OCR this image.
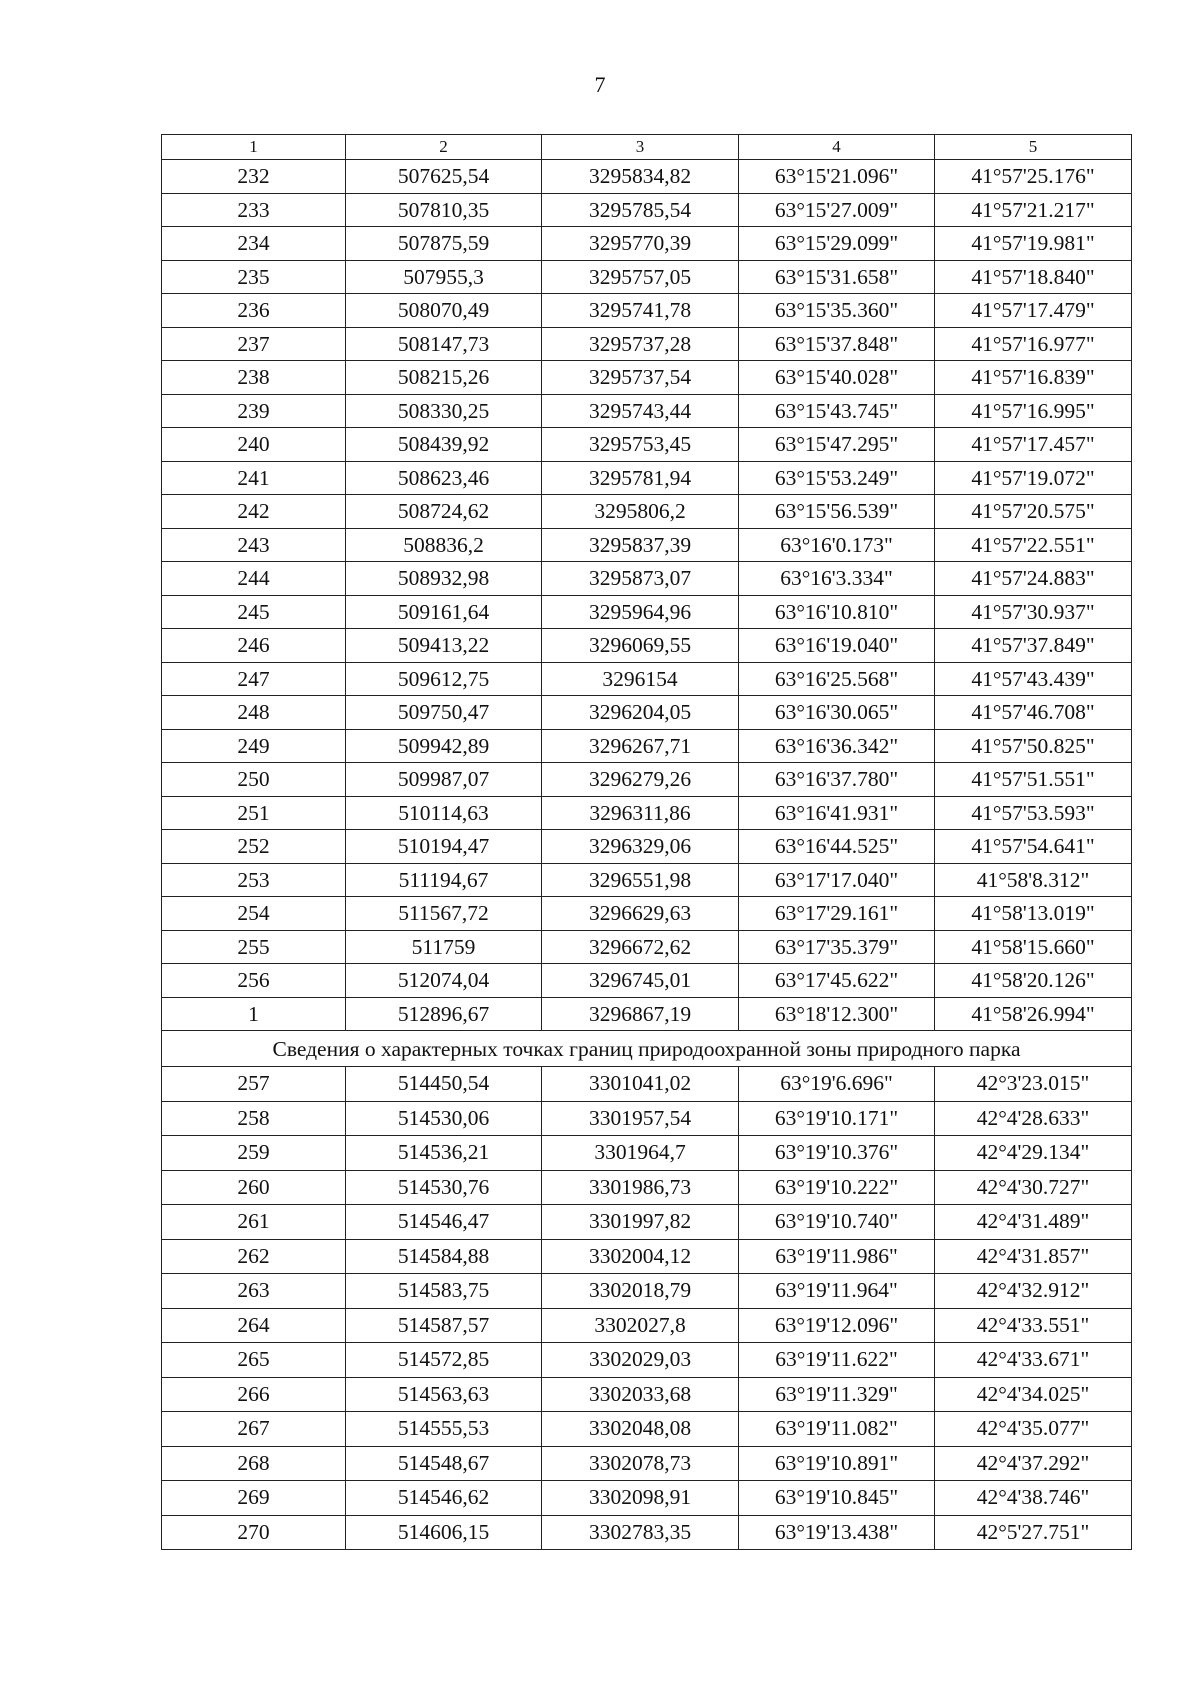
7
1	2	3	4	5
232	507625,54	3295834,82	63°15'21.096"	41°57'25.176"
233	507810,35	3295785,54	63°15'27.009"	41°57'21.217"
234	507875,59	3295770,39	63°15'29.099"	41°57'19.981"
235	507955,3	3295757,05	63°15'31.658"	41°57'18.840"
236	508070,49	3295741,78	63°15'35.360"	41°57'17.479"
237	508147,73	3295737,28	63°15'37.848"	41°57'16.977"
238	508215,26	3295737,54	63°15'40.028"	41°57'16.839"
239	508330,25	3295743,44	63°15'43.745"	41°57'16.995"
240	508439,92	3295753,45	63°15'47.295"	41°57'17.457"
241	508623,46	3295781,94	63°15'53.249"	41°57'19.072"
242	508724,62	3295806,2	63°15'56.539"	41°57'20.575"
243	508836,2	3295837,39	63°16'0.173"	41°57'22.551"
244	508932,98	3295873,07	63°16'3.334"	41°57'24.883"
245	509161,64	3295964,96	63°16'10.810"	41°57'30.937"
246	509413,22	3296069,55	63°16'19.040"	41°57'37.849"
247	509612,75	3296154	63°16'25.568"	41°57'43.439"
248	509750,47	3296204,05	63°16'30.065"	41°57'46.708"
249	509942,89	3296267,71	63°16'36.342"	41°57'50.825"
250	509987,07	3296279,26	63°16'37.780"	41°57'51.551"
251	510114,63	3296311,86	63°16'41.931"	41°57'53.593"
252	510194,47	3296329,06	63°16'44.525"	41°57'54.641"
253	511194,67	3296551,98	63°17'17.040"	41°58'8.312"
254	511567,72	3296629,63	63°17'29.161"	41°58'13.019"
255	511759	3296672,62	63°17'35.379"	41°58'15.660"
256	512074,04	3296745,01	63°17'45.622"	41°58'20.126"
1	512896,67	3296867,19	63°18'12.300"	41°58'26.994"
Сведения о характерных точках границ природоохранной зоны природного парка				
257	514450,54	3301041,02	63°19'6.696"	42°3'23.015"
258	514530,06	3301957,54	63°19'10.171"	42°4'28.633"
259	514536,21	3301964,7	63°19'10.376"	42°4'29.134"
260	514530,76	3301986,73	63°19'10.222"	42°4'30.727"
261	514546,47	3301997,82	63°19'10.740"	42°4'31.489"
262	514584,88	3302004,12	63°19'11.986"	42°4'31.857"
263	514583,75	3302018,79	63°19'11.964"	42°4'32.912"
264	514587,57	3302027,8	63°19'12.096"	42°4'33.551"
265	514572,85	3302029,03	63°19'11.622"	42°4'33.671"
266	514563,63	3302033,68	63°19'11.329"	42°4'34.025"
267	514555,53	3302048,08	63°19'11.082"	42°4'35.077"
268	514548,67	3302078,73	63°19'10.891"	42°4'37.292"
269	514546,62	3302098,91	63°19'10.845"	42°4'38.746"
270	514606,15	3302783,35	63°19'13.438"	42°5'27.751"
